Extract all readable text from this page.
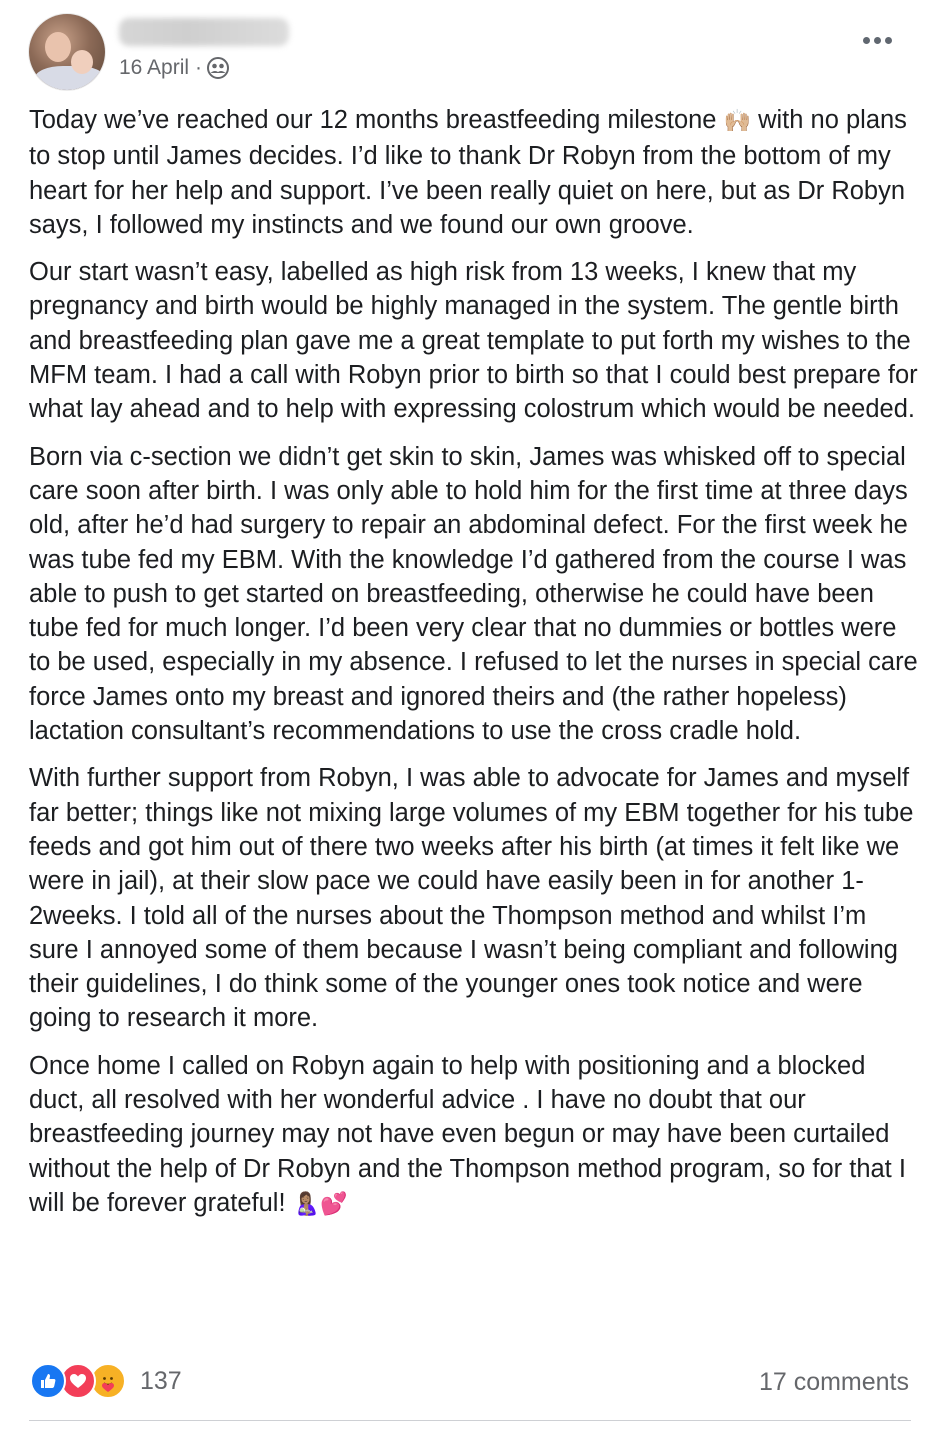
16 April ·

Today we’ve reached our 12 months breastfeeding milestone 🙌🏼 with no plans to stop until James decides. I’d like to thank Dr Robyn from the bottom of my heart for her help and support. I’ve been really quiet on here, but as Dr Robyn says, I followed my instincts and we found our own groove.

Our start wasn’t easy, labelled as high risk from 13 weeks, I knew that my pregnancy and birth would be highly managed in the system. The gentle birth and breastfeeding plan gave me a great template to put forth my wishes to the MFM team. I had a call with Robyn prior to birth so that I could best prepare for what lay ahead and to help with expressing colostrum which would be needed.

Born via c-section we didn’t get skin to skin, James was whisked off to special care soon after birth. I was only able to hold him for the first time at three days old, after he’d had surgery to repair an abdominal defect. For the first week he was tube fed my EBM. With the knowledge I’d gathered from the course I was able to push to get started on breastfeeding, otherwise he could have been tube fed for much longer. I’d been very clear that no dummies or bottles were to be used, especially in my absence. I refused to let the nurses in special care force James onto my breast and ignored theirs and (the rather hopeless) lactation consultant’s recommendations to use the cross cradle hold.

With further support from Robyn, I was able to advocate for James and myself far better; things like not mixing large volumes of my EBM together for his tube feeds and got him out of there two weeks after his birth (at times it felt like we were in jail), at their slow pace we could have easily been in for another 1-2weeks. I told all of the nurses about the Thompson method and whilst I’m sure I annoyed some of them because I wasn’t being compliant and following their guidelines, I do think some of the younger ones took notice and were going to research it more.

Once home I called on Robyn again to help with positioning and a blocked duct, all resolved with her wonderful advice . I have no doubt that our breastfeeding journey may not have even begun or may have been curtailed without the help of Dr Robyn and the Thompson method program, so for that I will be forever grateful! 🤱🏽💕

137	17 comments
